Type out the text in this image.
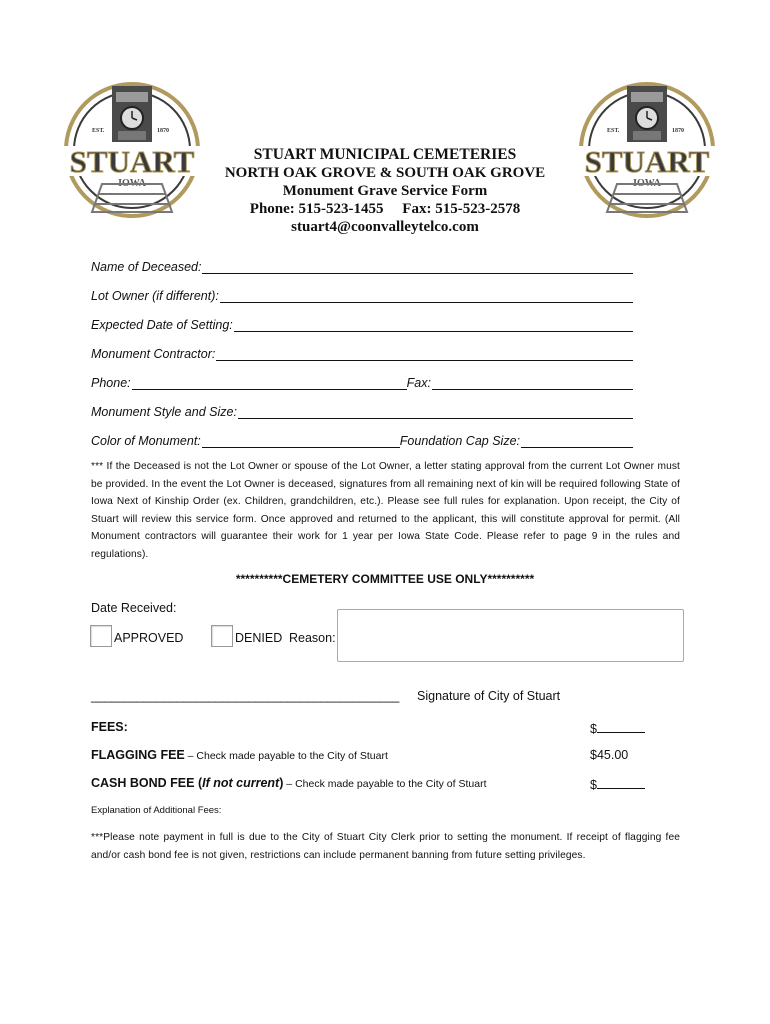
EST.	1870
STUART
IOWA
EST.	1870
STUART
IOWA
STUART MUNICIPAL CEMETERIES
NORTH OAK GROVE & SOUTH OAK GROVE
Monument Grave Service Form
Phone: 515-523-1455 Fax: 515-523-2578
stuart4@coonvalleytelco.com
Name of Deceased:
Lot Owner (if different):
Expected Date of Setting:
Monument Contractor:
Phone:	Fax:
Monument Style and Size:
Color of Monument:	Foundation Cap Size:
*** If the Deceased is not the Lot Owner or spouse of the Lot Owner, a letter stating approval from the current Lot Owner must be provided. In the event the Lot Owner is deceased, signatures from all remaining next of kin will be required following State of Iowa Next of Kinship Order (ex. Children, grandchildren, etc.). Please see full rules for explanation. Upon receipt, the City of Stuart will review this service form. Once approved and returned to the applicant, this will constitute approval for permit. (All Monument contractors will guarantee their work for 1 year per Iowa State Code. Please refer to page 9 in the rules and regulations).
**********CEMETERY COMMITTEE USE ONLY**********
Date Received:
APPROVED	DENIED Reason:
_______________________________________________ Signature of City of Stuart
FEES:	$
FLAGGING FEE – Check made payable to the City of Stuart	$45.00
CASH BOND FEE (If not current) – Check made payable to the City of Stuart	$
Explanation of Additional Fees:
***Please note payment in full is due to the City of Stuart City Clerk prior to setting the monument. If receipt of flagging fee and/or cash bond fee is not given, restrictions can include permanent banning from future setting privileges.
